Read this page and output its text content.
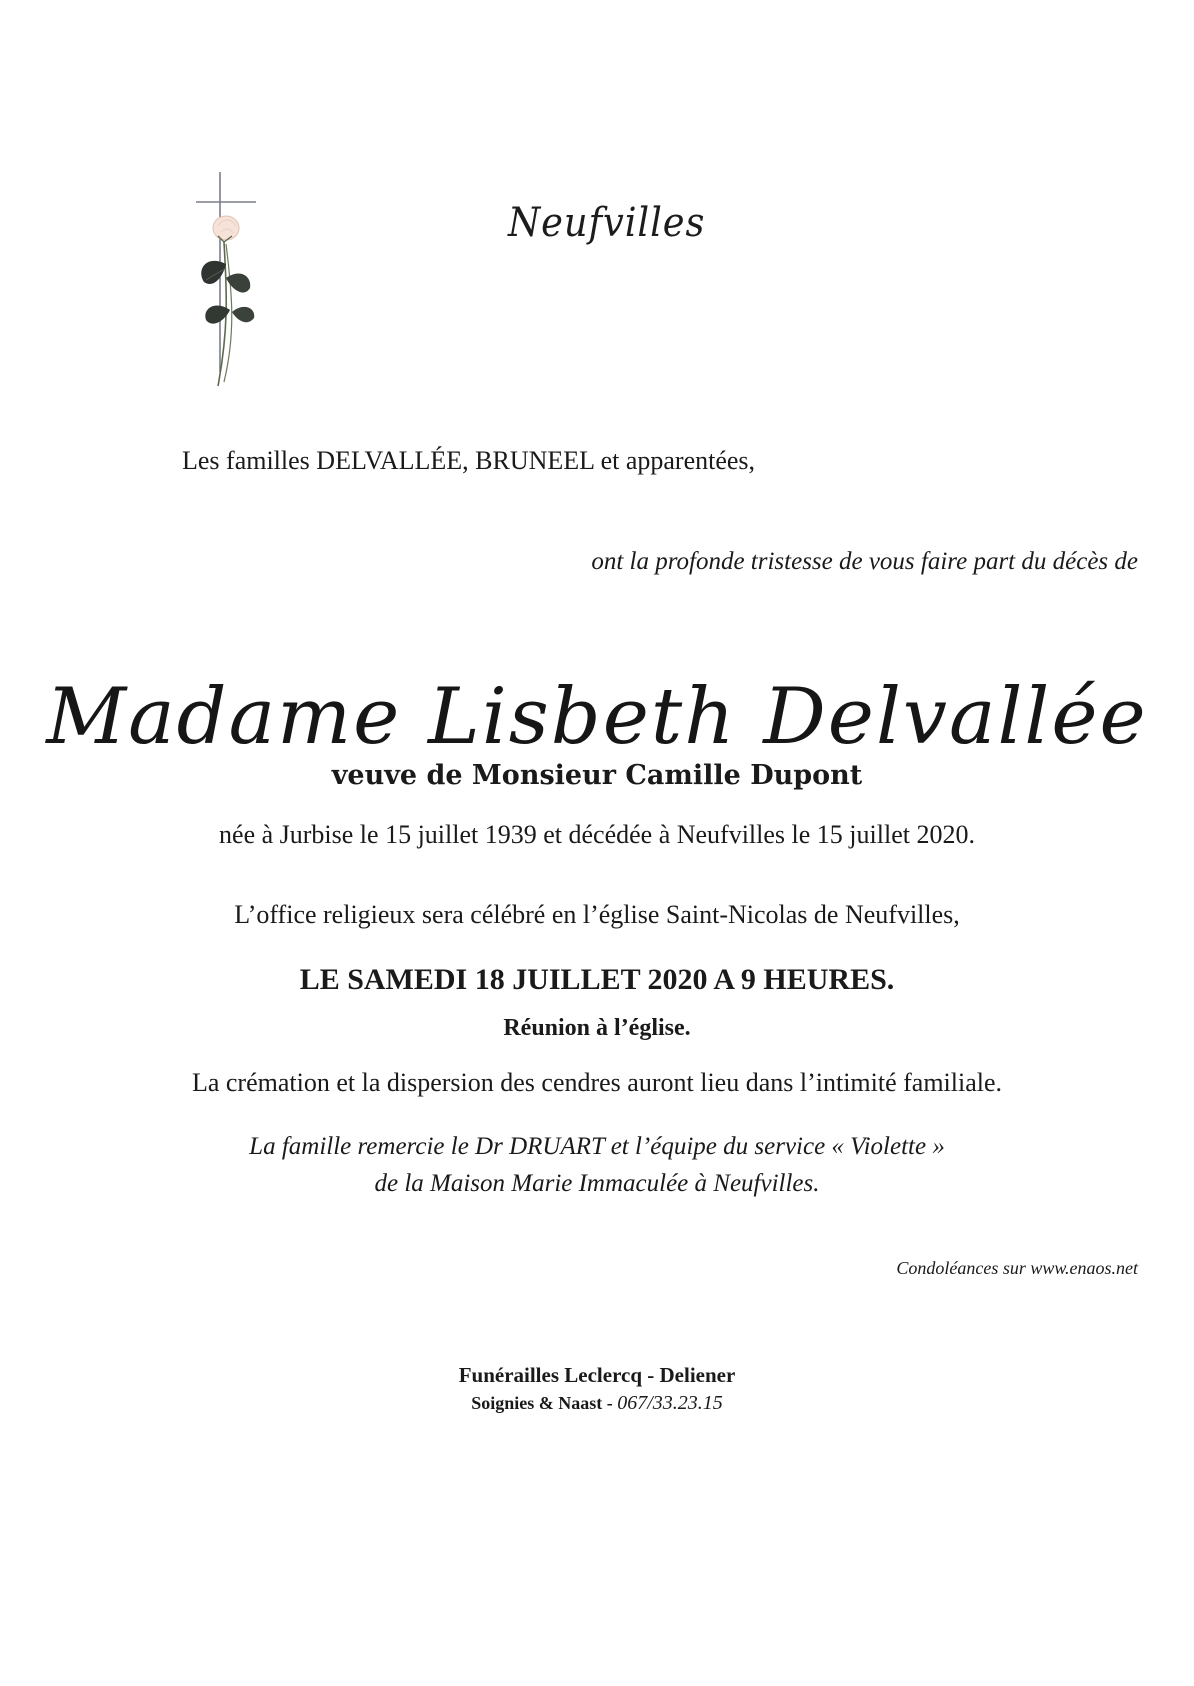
Neufvilles

Les familles DELVALLÉE, BRUNEEL et apparentées,

ont la profonde tristesse de vous faire part du décès de

Madame Lisbeth Delvallée

veuve de Monsieur Camille Dupont

née à Jurbise le 15 juillet 1939 et décédée à Neufvilles le 15 juillet 2020.

L’office religieux sera célébré en l’église Saint-Nicolas de Neufvilles,

LE SAMEDI 18 JUILLET 2020 A 9 HEURES.

Réunion à l’église.

La crémation et la dispersion des cendres auront lieu dans l’intimité familiale.

La famille remercie le Dr DRUART et l’équipe du service « Violette »

de la Maison Marie Immaculée à Neufvilles.

Condoléances sur www.enaos.net

Funérailles Leclercq - Deliener

Soignies & Naast - 067/33.23.15
